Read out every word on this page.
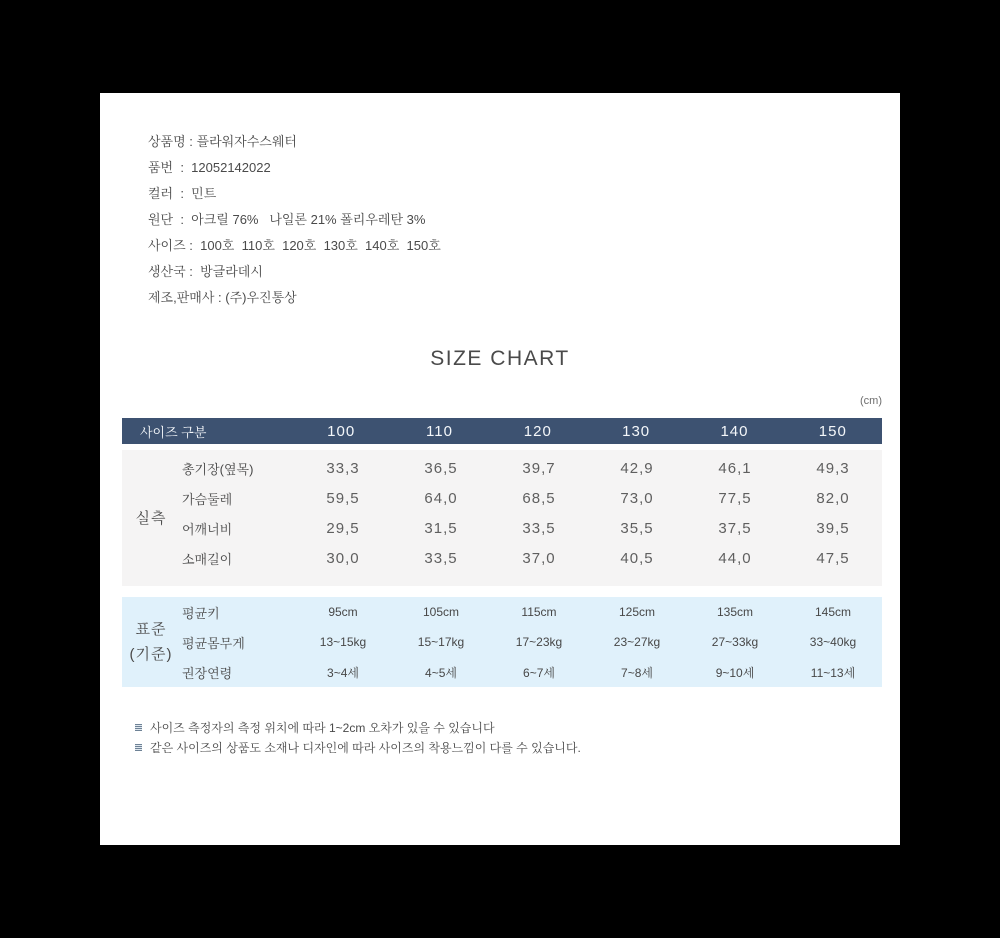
상품명 : 플라워자수스웨터
품번  :  12052142022
컬러  :  민트
원단  :  아크릴 76%   나일론 21% 폴리우레탄 3%
사이즈 :  100호  110호  120호  130호  140호  150호
생산국 :  방글라데시
제조,판매사 : (주)우진통상
SIZE CHART
(cm)
사이즈 구분	100	110	120	130	140	150
실측
총기장(옆목)	33,3	36,5	39,7	42,9	46,1	49,3
가슴둘레	59,5	64,0	68,5	73,0	77,5	82,0
어깨너비	29,5	31,5	33,5	35,5	37,5	39,5
소매길이	30,0	33,5	37,0	40,5	44,0	47,5
표준
(기준)
평균키	95cm	105cm	115cm	125cm	135cm	145cm
평균몸무게	13~15kg	15~17kg	17~23kg	23~27kg	27~33kg	33~40kg
권장연령	3~4세	4~5세	6~7세	7~8세	9~10세	11~13세
사이즈 측정자의 측정 위치에 따라 1~2cm 오차가 있을 수 있습니다
같은 사이즈의 상품도 소재나 디자인에 따라 사이즈의 착용느낌이 다를 수 있습니다.
